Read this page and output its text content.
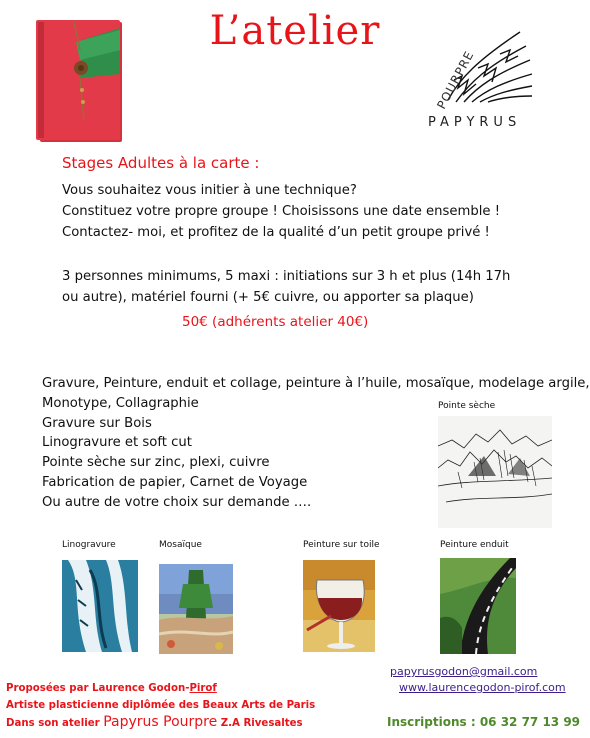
L’atelier
POURPRE
PAPYRUS
Stages Adultes à la carte :
Vous souhaitez vous initier à une technique?
Constituez votre propre groupe ! Choisissons une date ensemble !
Contactez- moi, et profitez de la qualité d’un petit groupe privé !
3 personnes minimums, 5 maxi : initiations sur 3 h et plus (14h 17h
ou autre), matériel fourni (+ 5€ cuivre, ou apporter sa plaque)
50€ (adhérents atelier 40€)
Gravure, Peinture, enduit et collage, peinture à l’huile, mosaïque, modelage argile,
Monotype, Collagraphie
Gravure sur Bois
Linogravure et soft cut
Pointe sèche sur zinc, plexi, cuivre
Fabrication de papier, Carnet de Voyage
Ou autre de votre choix sur demande ….
Pointe sèche
Linogravure	Mosaïque	Peinture sur toile	Peinture enduit
papyrusgodon@gmail.com
www.laurencegodon-pirof.com
Proposées par Laurence Godon-Pirof
Artiste plasticienne diplômée des Beaux Arts de Paris
Dans son atelier Papyrus Pourpre Z.A Rivesaltes	Inscriptions : 06 32 77 13 99
